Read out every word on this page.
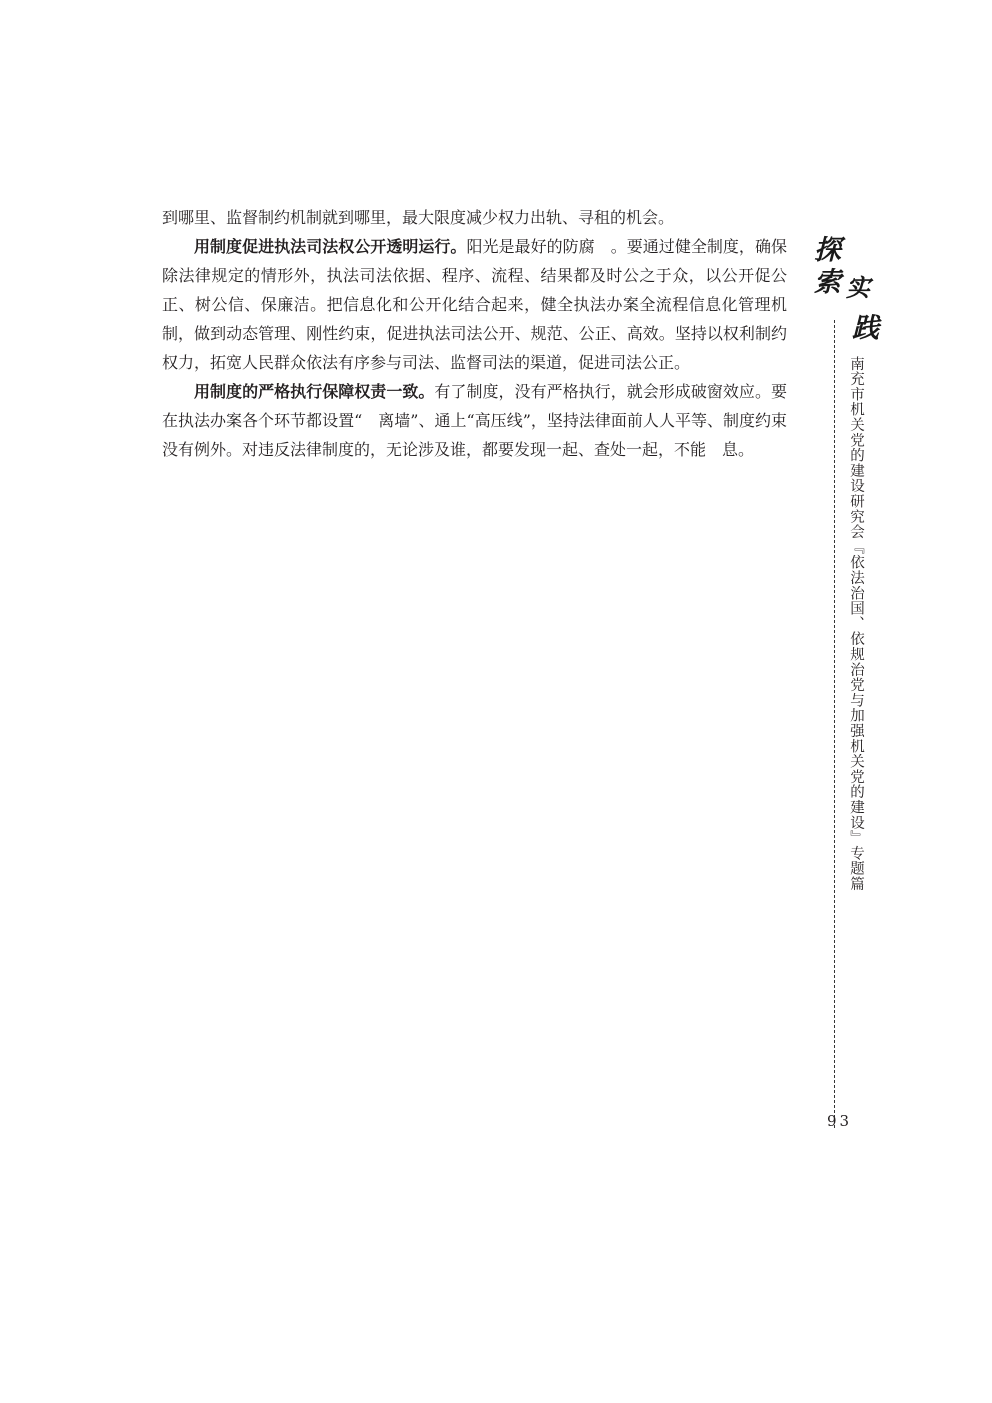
到哪里、监督制约机制就到哪里，最大限度减少权力出轨、寻租的机会。

用制度促进执法司法权公开透明运行。阳光是最好的防腐　。要通过健全制度，确保除法律规定的情形外，执法司法依据、程序、流程、结果都及时公之于众，以公开促公正、树公信、保廉洁。把信息化和公开化结合起来，健全执法办案全流程信息化管理机制，做到动态管理、刚性约束，促进执法司法公开、规范、公正、高效。坚持以权利制约权力，拓宽人民群众依法有序参与司法、监督司法的渠道，促进司法公正。

用制度的严格执行保障权责一致。有了制度，没有严格执行，就会形成破窗效应。要在执法办案各个环节都设置“　离墙”、通上“高压线”，坚持法律面前人人平等、制度约束没有例外。对违反法律制度的，无论涉及谁，都要发现一起、查处一起，不能　息。

探
索 实
践
南充市机关党的建设研究会『依法治国、依规治党与加强机关党的建设』专题篇
93
